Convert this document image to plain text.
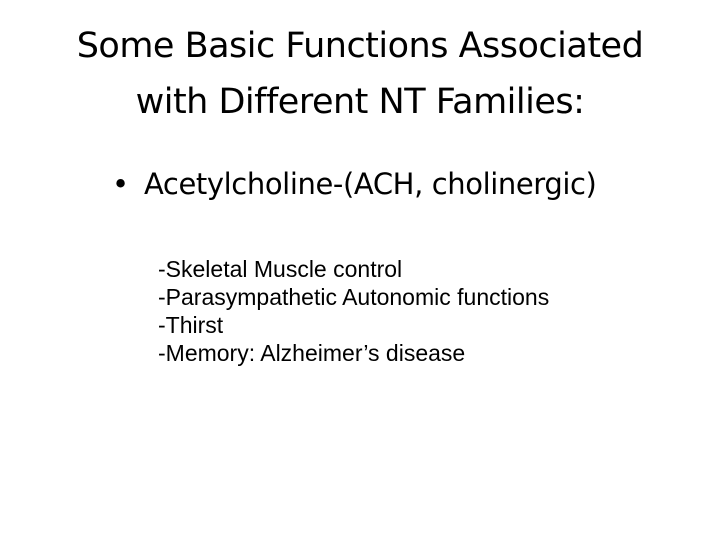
Some Basic Functions Associated
with Different NT Families:
• Acetylcholine-(ACH, cholinergic)
-Skeletal Muscle control
-Parasympathetic Autonomic functions
-Thirst
-Memory: Alzheimer’s disease
